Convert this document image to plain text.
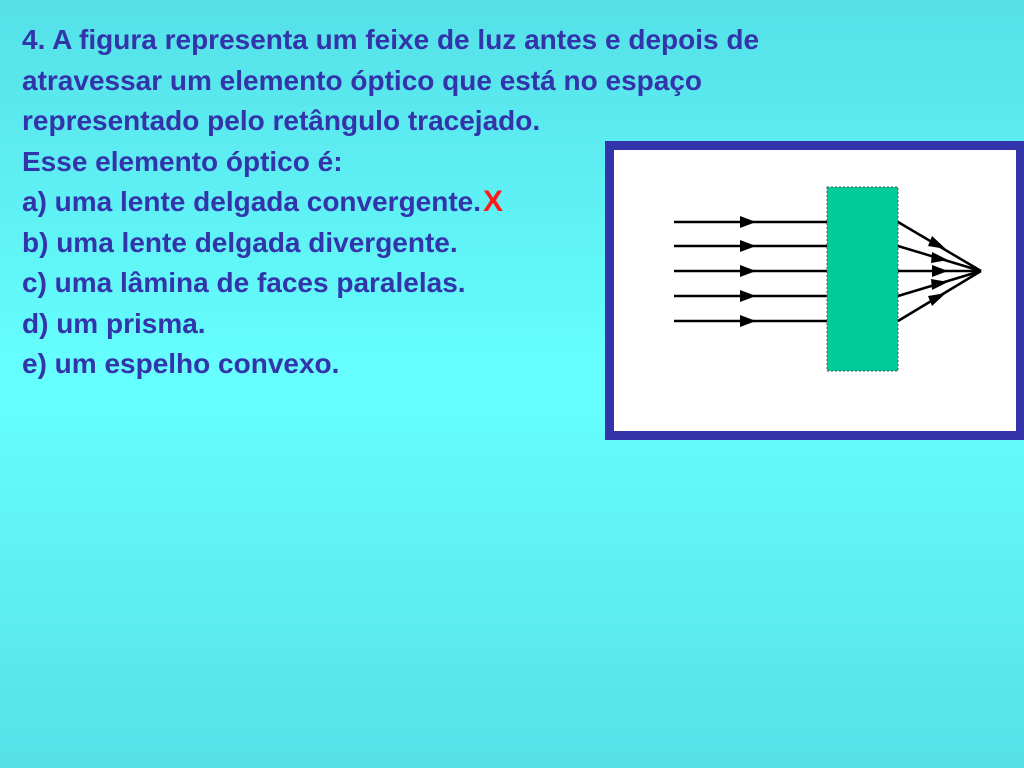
4. A figura representa um feixe de luz antes e depois de
atravessar um elemento óptico que está no espaço
representado pelo retângulo tracejado.
Esse elemento óptico é:
a) uma lente delgada convergente.X
b) uma lente delgada divergente.
c) uma lâmina de faces paralelas.
d) um prisma.
e) um espelho convexo.
